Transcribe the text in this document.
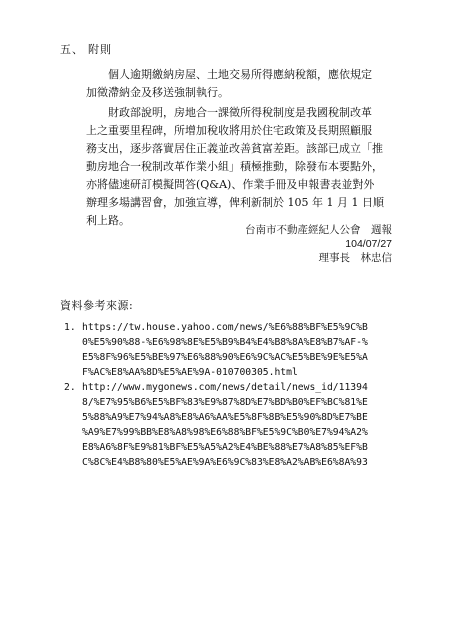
五、 附則
　　個人逾期繳納房屋、土地交易所得應納稅額，應依規定
加徵滯納金及移送強制執行。
　　財政部說明，房地合一課徵所得稅制度是我國稅制改革
上之重要里程碑，所增加稅收將用於住宅政策及長期照顧服
務支出，逐步落實居住正義並改善貧富差距。該部已成立「推
動房地合一稅制改革作業小組」積極推動，除發布本要點外，
亦將儘速研訂模擬問答(Q&A)、作業手冊及申報書表並對外
辦理多場講習會，加強宣導，俾利新制於 105 年 1 月 1 日順
利上路。
台南市不動產經紀人公會　週報
104/07/27
理事長　林忠信
資料參考來源:
1. https://tw.house.yahoo.com/news/%E6%88%BF%E5%9C%B
0%E5%90%88-%E6%98%8E%E5%B9%B4%E4%B8%8A%E8%B7%AF-%
E5%8F%96%E5%BE%97%E6%88%90%E6%9C%AC%E5%BE%9E%E5%A
F%AC%E8%AA%8D%E5%AE%9A-010700305.html
2. http://www.mygonews.com/news/detail/news_id/11394
8/%E7%95%B6%E5%BF%83%E9%87%8D%E7%BD%B0%EF%BC%81%E
5%88%A9%E7%94%A8%E8%A6%AA%E5%8F%8B%E5%90%8D%E7%BE
%A9%E7%99%BB%E8%A8%98%E6%88%BF%E5%9C%B0%E7%94%A2%
E8%A6%8F%E9%81%BF%E5%A5%A2%E4%BE%88%E7%A8%85%EF%B
C%8C%E4%B8%80%E5%AE%9A%E6%9C%83%E8%A2%AB%E6%8A%93
